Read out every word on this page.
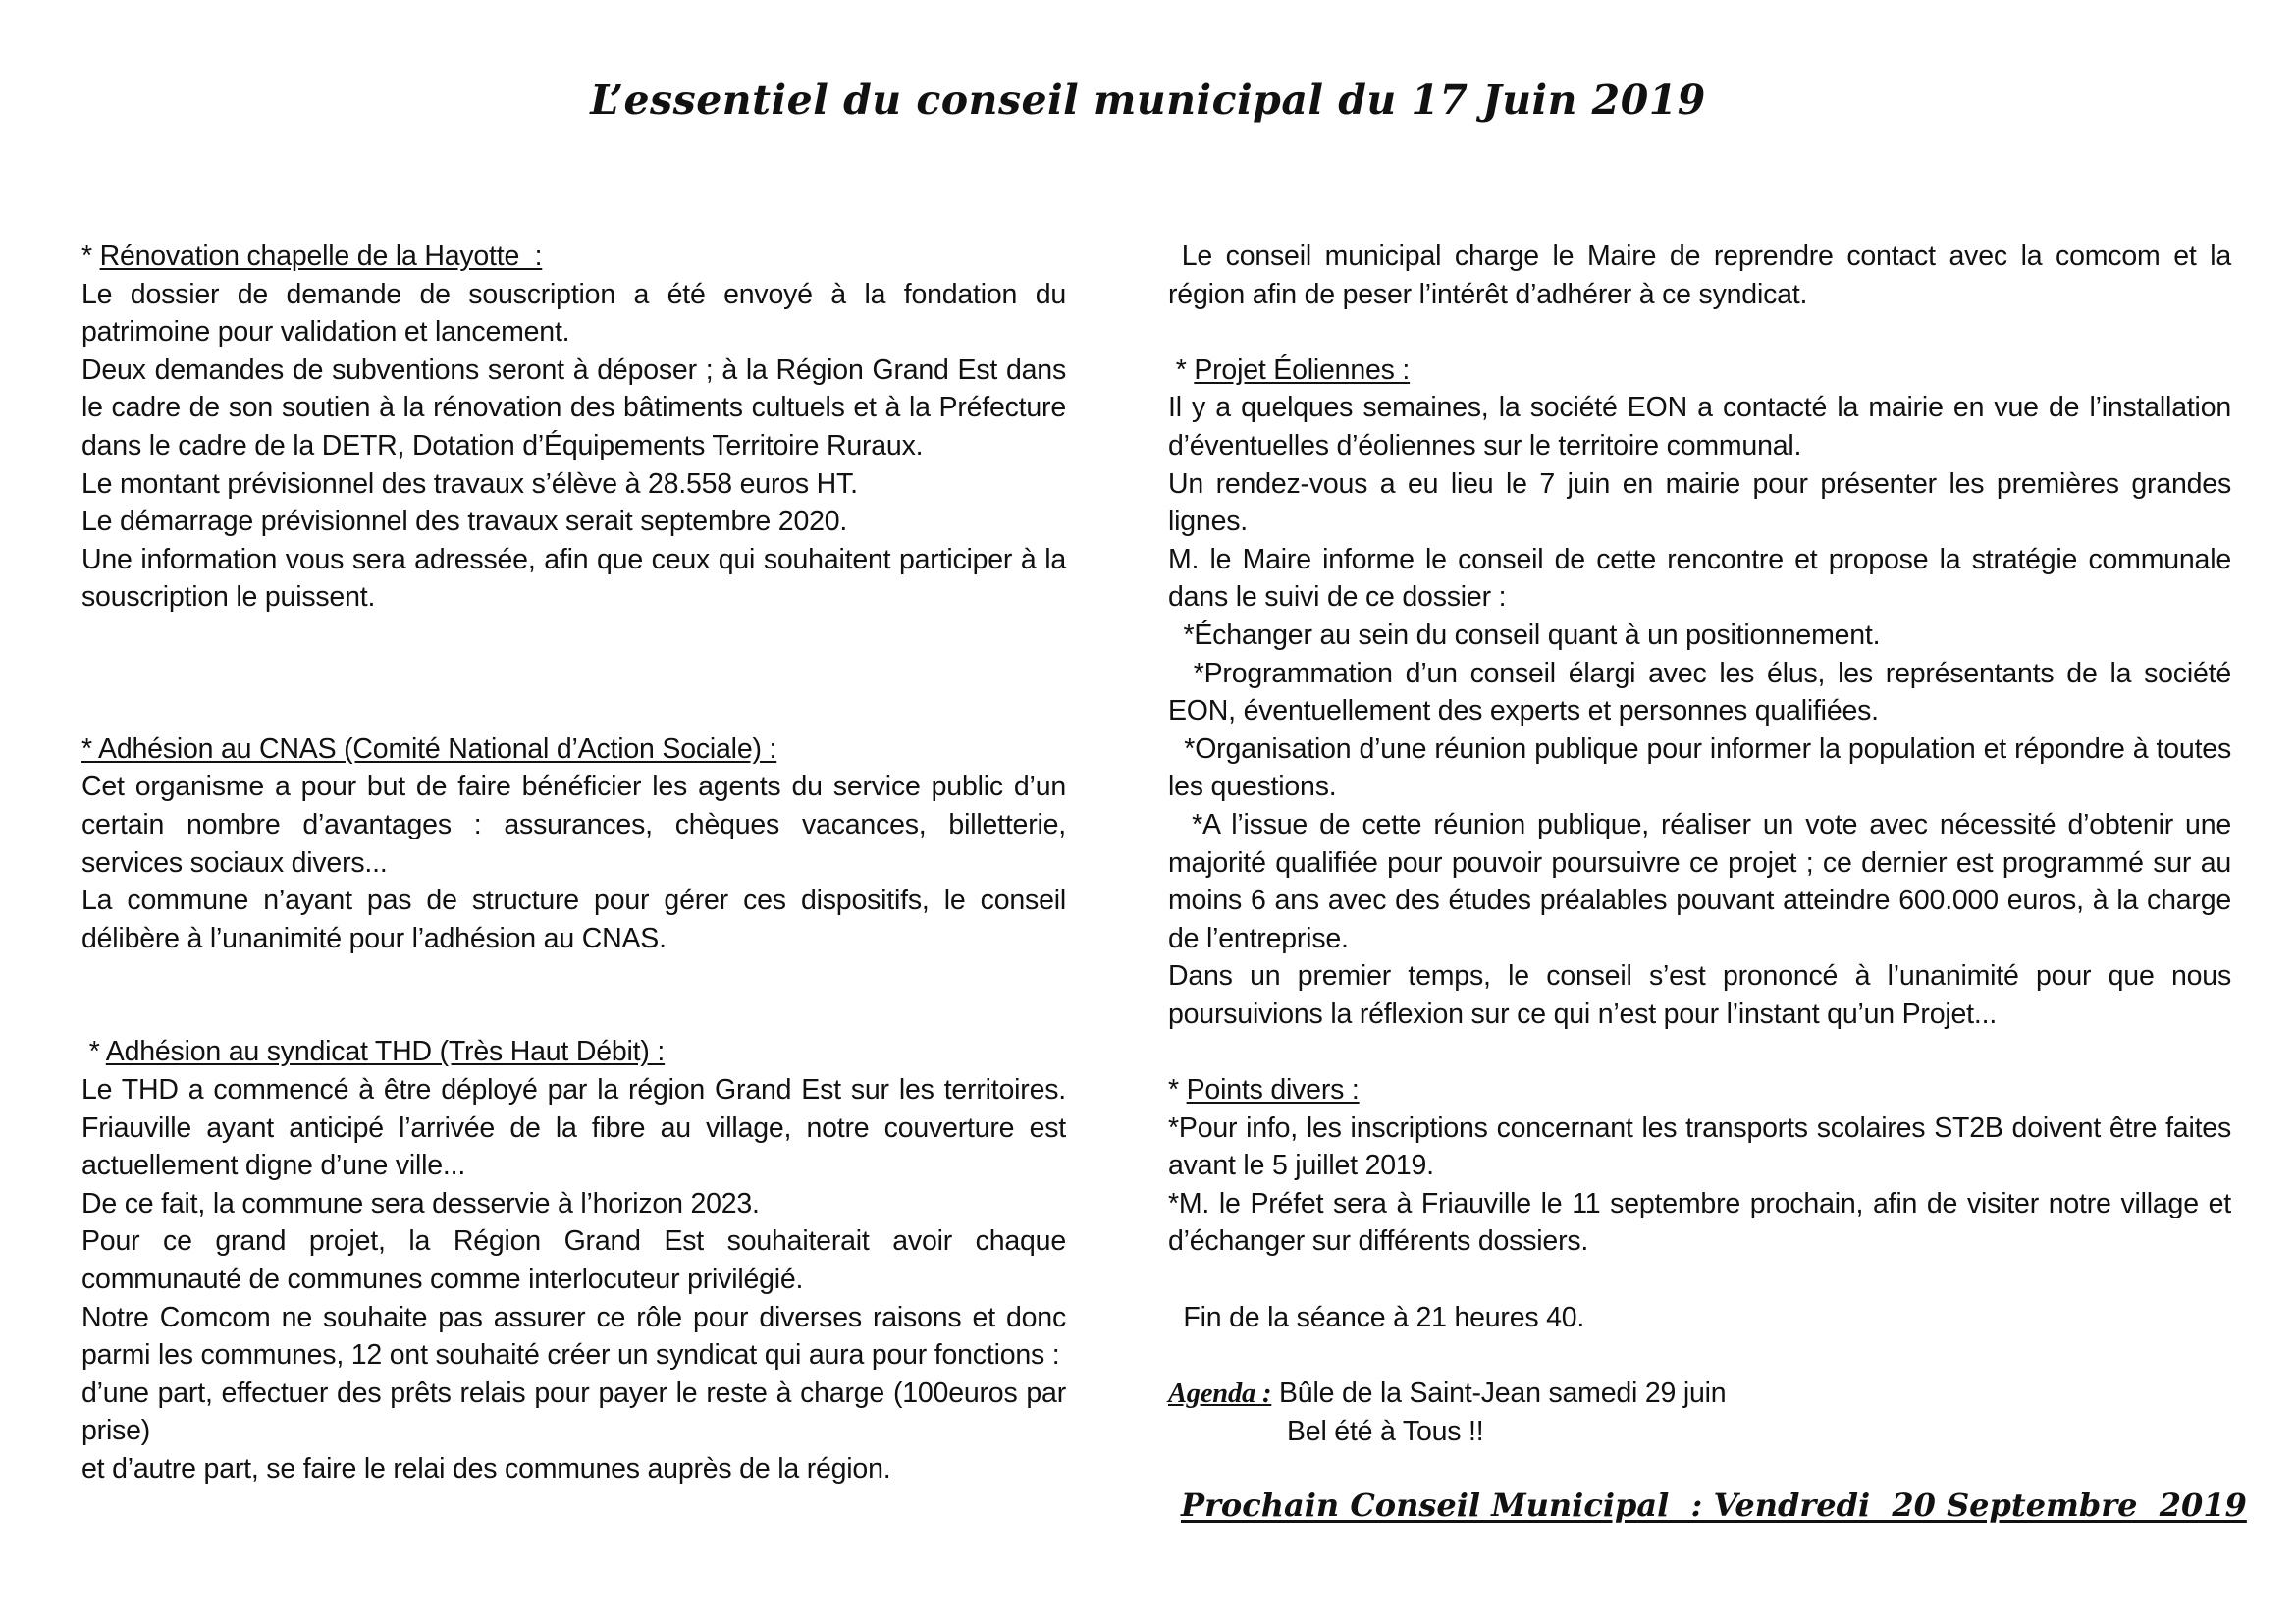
L’essentiel du conseil municipal du 17 Juin 2019
* Rénovation chapelle de la Hayotte  :
Le dossier de demande de souscription a été envoyé à la fondation du patrimoine pour validation et lancement.
Deux demandes de subventions seront à déposer ; à la Région Grand Est dans le cadre de son soutien à la rénovation des bâtiments cultuels et à la Préfecture dans le cadre de la DETR, Dotation d’Équipements Territoire Ruraux.
Le montant prévisionnel des travaux s’élève à 28.558 euros HT.
Le démarrage prévisionnel des travaux serait septembre 2020.
Une information vous sera adressée, afin que ceux qui souhaitent participer à la souscription le puissent.
* Adhésion au CNAS (Comité National d’Action Sociale) :
Cet organisme a pour but de faire bénéficier les agents du service public d’un certain nombre d’avantages : assurances, chèques vacances, billetterie, services sociaux divers...
La commune n’ayant pas de structure pour gérer ces dispositifs, le conseil délibère à l’unanimité pour l’adhésion au CNAS.
* Adhésion au syndicat THD (Très Haut Débit) :
Le THD a commencé à être déployé par la région Grand Est sur les territoires. Friauville ayant anticipé l’arrivée de la fibre au village, notre couverture est actuellement digne d’une ville...
De ce fait, la commune sera desservie à l’horizon 2023.
Pour ce grand projet, la Région Grand Est souhaiterait avoir chaque communauté de communes comme interlocuteur privilégié.
Notre Comcom ne souhaite pas assurer ce rôle pour diverses raisons et donc parmi les communes, 12 ont souhaité créer un syndicat qui aura pour fonctions :
d’une part, effectuer des prêts relais pour payer le reste à charge (100euros par prise)
et d’autre part, se faire le relai des communes auprès de la région.
Le conseil municipal charge le Maire de reprendre contact avec la comcom et la région afin de peser l’intérêt d’adhérer à ce syndicat.
* Projet Éoliennes :
Il y a quelques semaines, la société EON a contacté la mairie en vue de l’installation d’éventuelles d’éoliennes sur le territoire communal.
Un rendez-vous a eu lieu le 7 juin en mairie pour présenter les premières grandes lignes.
M. le Maire informe le conseil de cette rencontre et propose la stratégie communale dans le suivi de ce dossier :
*Échanger au sein du conseil quant à un positionnement.
*Programmation d’un conseil élargi avec les élus, les représentants de la société EON, éventuellement des experts et personnes qualifiées.
*Organisation d’une réunion publique pour informer la population et répondre à toutes les questions.
*A l’issue de cette réunion publique, réaliser un vote avec nécessité d’obtenir une majorité qualifiée pour pouvoir poursuivre ce projet ; ce dernier est programmé sur au moins 6 ans avec des études préalables pouvant atteindre 600.000 euros, à la charge de l’entreprise.
Dans un premier temps, le conseil s’est prononcé à l’unanimité pour que nous poursuivions la réflexion sur ce qui n’est pour l’instant qu’un Projet...
* Points divers :
*Pour info, les inscriptions concernant les transports scolaires ST2B doivent être faites avant le 5 juillet 2019.
*M. le Préfet sera à Friauville le 11 septembre prochain, afin de visiter notre village et d’échanger sur différents dossiers.
Fin de la séance à 21 heures 40.
Agenda : Bûle de la Saint-Jean samedi 29 juin
Bel été à Tous !!
Prochain Conseil Municipal  : Vendredi  20 Septembre  2019
